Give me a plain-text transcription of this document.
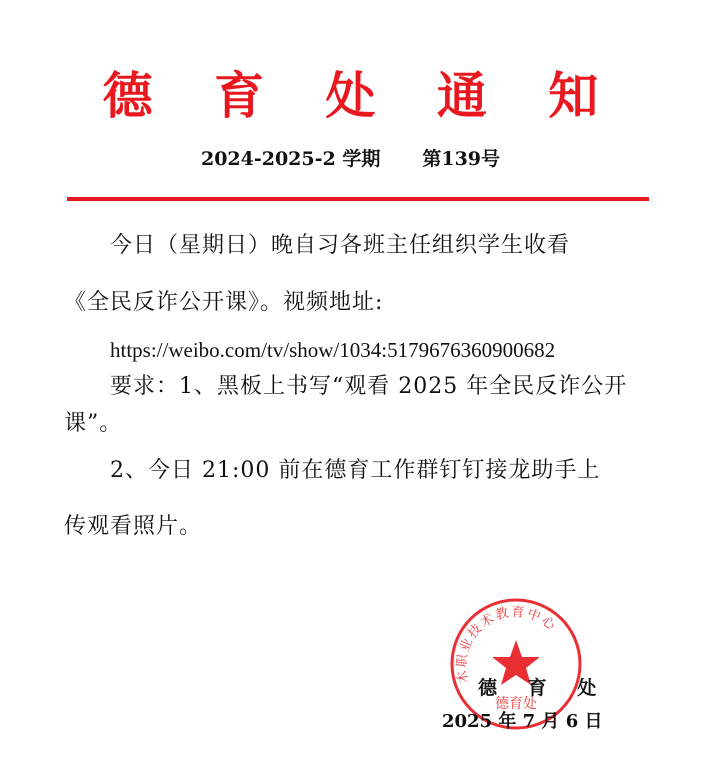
德 育 处 通 知
2024-2025-2 学期 第139号
今日（星期日）晚自习各班主任组织学生收看
《全民反诈公开课》。视频地址:
https://weibo.com/tv/show/1034:5179676360900682
要求：1、黑板上书写“观看 2025 年全民反诈公开
课”。
2、今日 21:00 前在德育工作群钉钉接龙助手上
传观看照片。
木职业技术教育中心
德育处
德 育 处
2025 年 7 月 6 日
